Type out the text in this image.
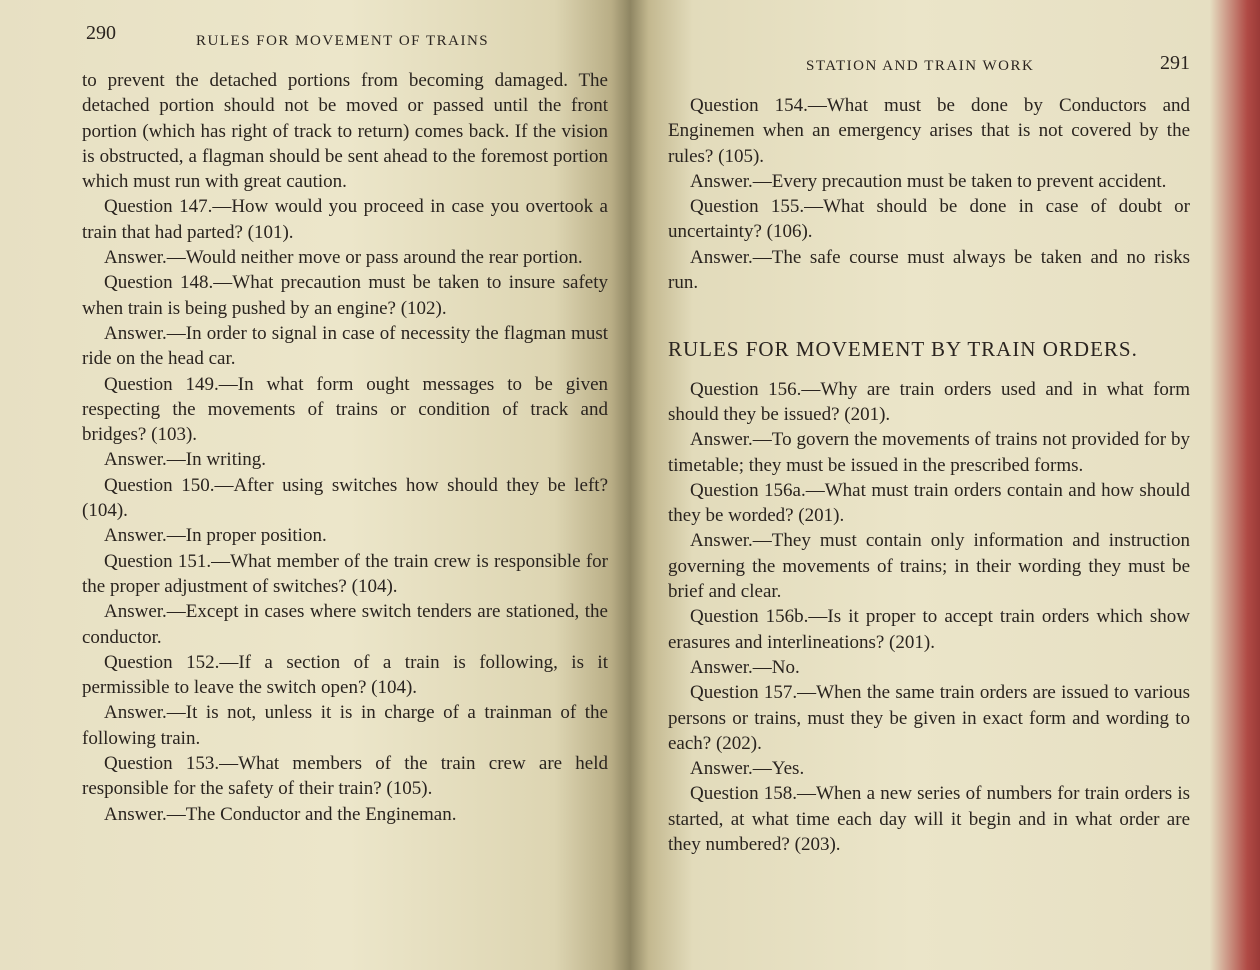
290	RULES FOR MOVEMENT OF TRAINS

to prevent the detached portions from becoming damaged. The detached portion should not be moved or passed until the front portion (which has right of track to return) comes back. If the vision is obstructed, a flagman should be sent ahead to the foremost portion which must run with great caution.

Question 147.—How would you proceed in case you overtook a train that had parted? (101).

Answer.—Would neither move or pass around the rear portion.

Question 148.—What precaution must be taken to insure safety when train is being pushed by an engine? (102).

Answer.—In order to signal in case of necessity the flagman must ride on the head car.

Question 149.—In what form ought messages to be given respecting the movements of trains or condition of track and bridges? (103).

Answer.—In writing.

Question 150.—After using switches how should they be left? (104).

Answer.—In proper position.

Question 151.—What member of the train crew is responsible for the proper adjustment of switches? (104).

Answer.—Except in cases where switch tenders are stationed, the conductor.

Question 152.—If a section of a train is following, is it permissible to leave the switch open? (104).

Answer.—It is not, unless it is in charge of a trainman of the following train.

Question 153.—What members of the train crew are held responsible for the safety of their train? (105).

Answer.—The Conductor and the Engineman.

STATION AND TRAIN WORK	291

Question 154.—What must be done by Conductors and Enginemen when an emergency arises that is not covered by the rules? (105).

Answer.—Every precaution must be taken to prevent accident.

Question 155.—What should be done in case of doubt or uncertainty? (106).

Answer.—The safe course must always be taken and no risks run.

RULES FOR MOVEMENT BY TRAIN ORDERS.

Question 156.—Why are train orders used and in what form should they be issued? (201).

Answer.—To govern the movements of trains not provided for by timetable; they must be issued in the prescribed forms.

Question 156a.—What must train orders contain and how should they be worded? (201).

Answer.—They must contain only information and instruction governing the movements of trains; in their wording they must be brief and clear.

Question 156b.—Is it proper to accept train orders which show erasures and interlineations? (201).

Answer.—No.

Question 157.—When the same train orders are issued to various persons or trains, must they be given in exact form and wording to each? (202).

Answer.—Yes.

Question 158.—When a new series of numbers for train orders is started, at what time each day will it begin and in what order are they numbered? (203).
